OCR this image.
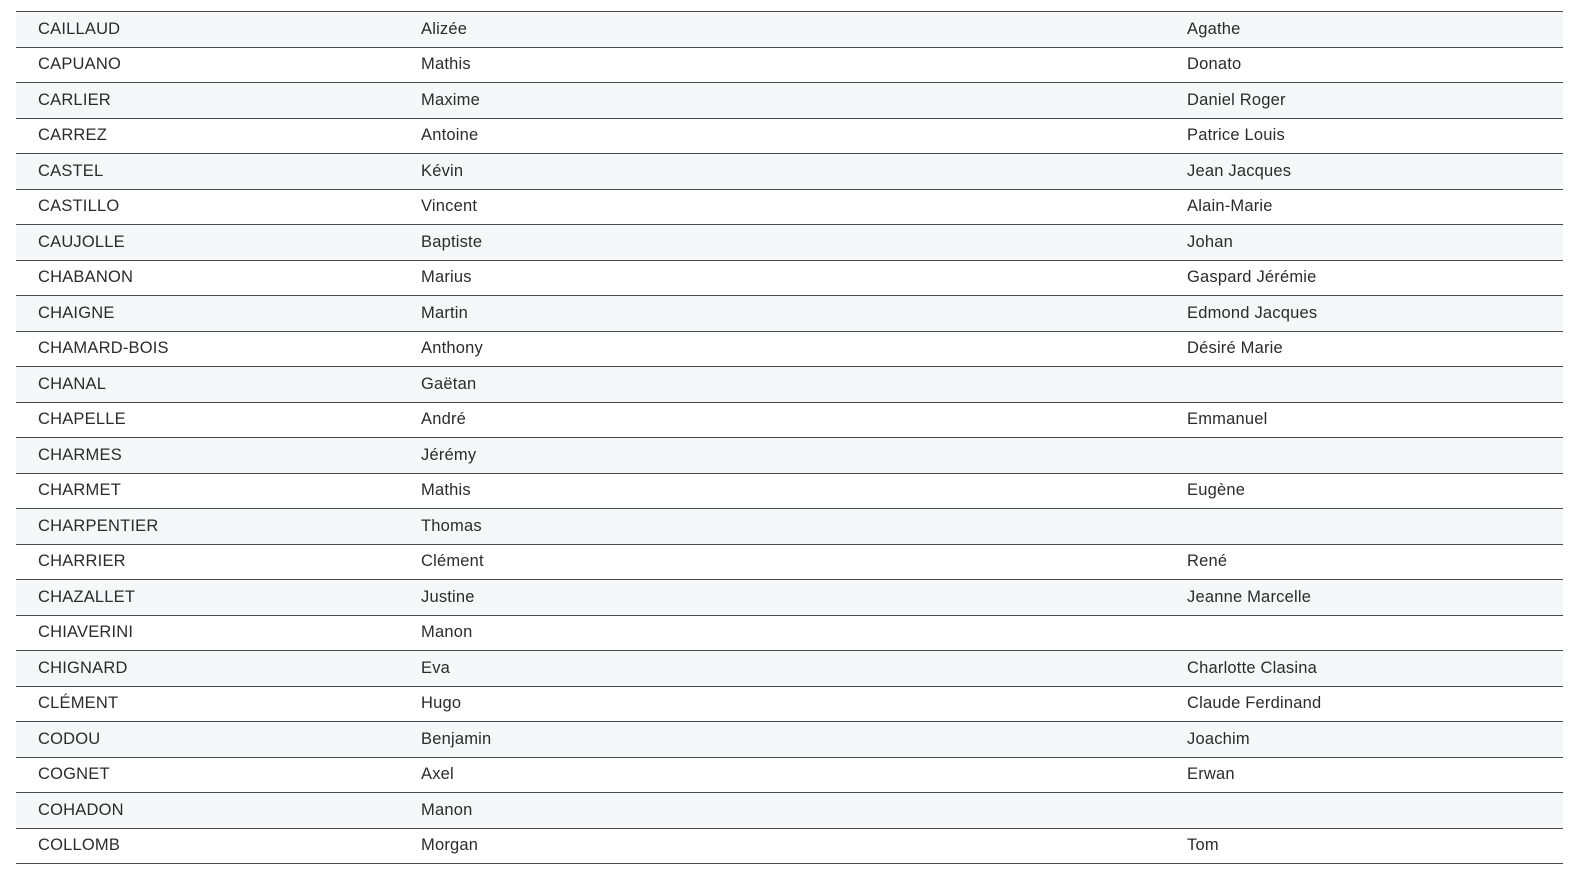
CAILLAUD	Alizée	Agathe
CAPUANO	Mathis	Donato
CARLIER	Maxime	Daniel Roger
CARREZ	Antoine	Patrice Louis
CASTEL	Kévin	Jean Jacques
CASTILLO	Vincent	Alain-Marie
CAUJOLLE	Baptiste	Johan
CHABANON	Marius	Gaspard Jérémie
CHAIGNE	Martin	Edmond Jacques
CHAMARD-BOIS	Anthony	Désiré Marie
CHANAL	Gaëtan	
CHAPELLE	André	Emmanuel
CHARMES	Jérémy	
CHARMET	Mathis	Eugène
CHARPENTIER	Thomas	
CHARRIER	Clément	René
CHAZALLET	Justine	Jeanne Marcelle
CHIAVERINI	Manon	
CHIGNARD	Eva	Charlotte Clasina
CLÉMENT	Hugo	Claude Ferdinand
CODOU	Benjamin	Joachim
COGNET	Axel	Erwan
COHADON	Manon	
COLLOMB	Morgan	Tom
